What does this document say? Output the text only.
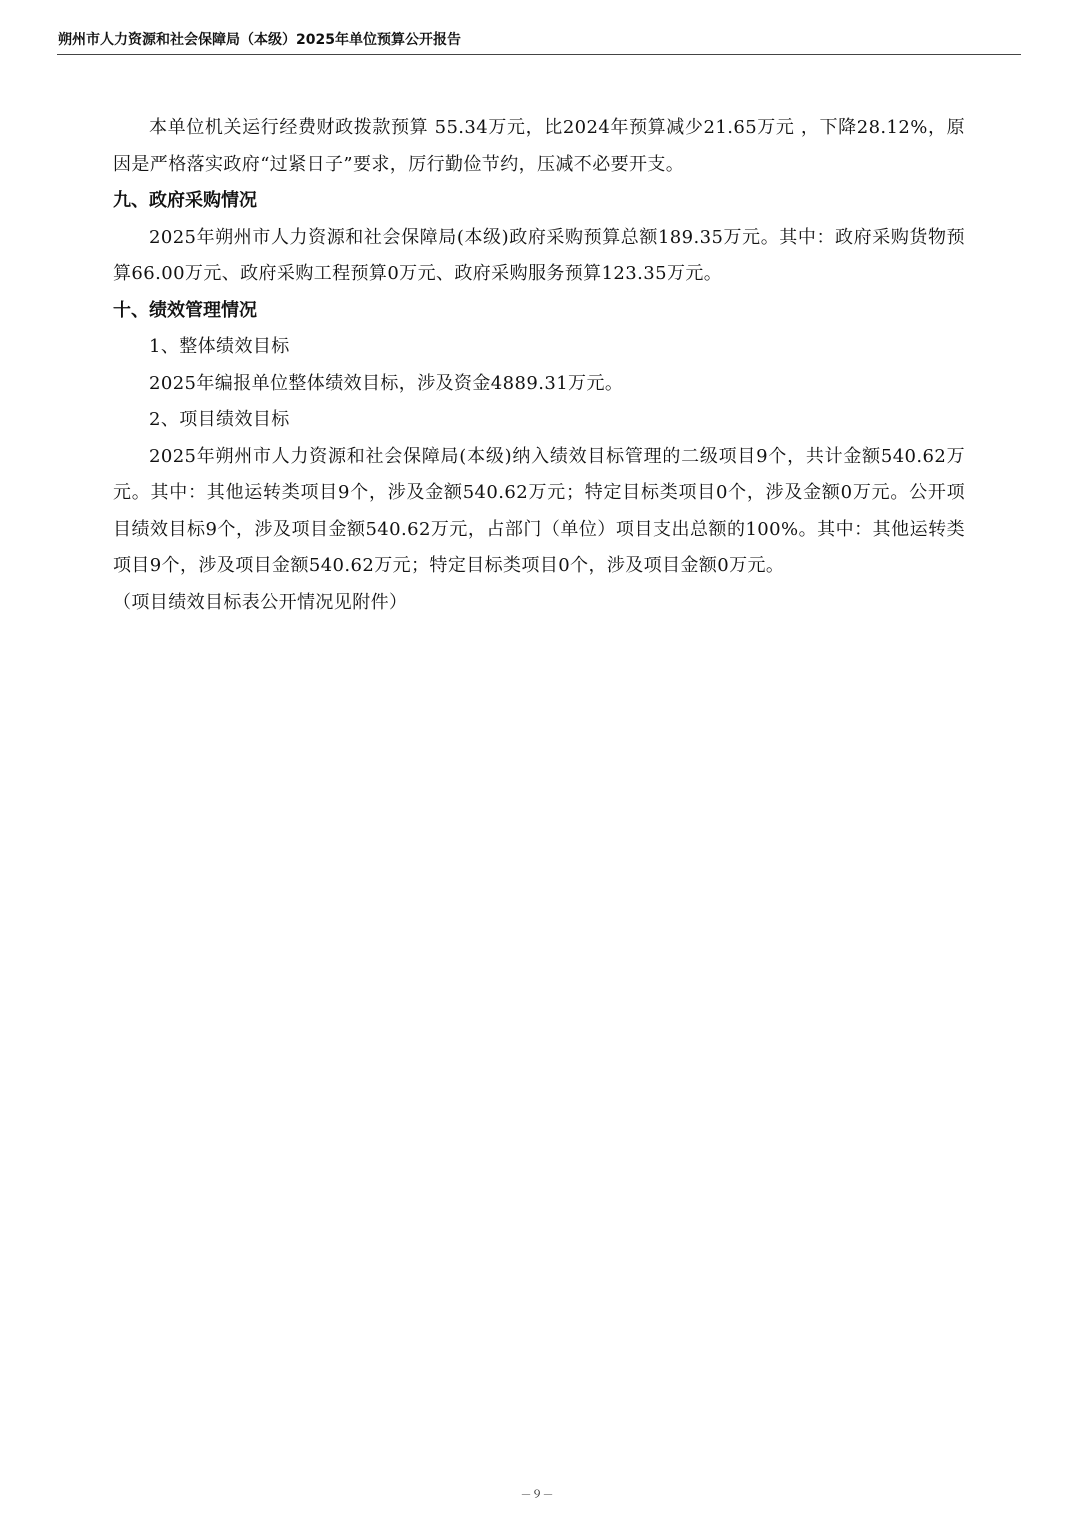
朔州市人力资源和社会保障局（本级）2025年单位预算公开报告

本单位机关运行经费财政拨款预算 55.34万元，比2024年预算减少21.65万元 ，下降28.12%，原因是严格落实政府“过紧日子”要求，厉行勤俭节约，压减不必要开支。

九、政府采购情况

2025年朔州市人力资源和社会保障局(本级)政府采购预算总额189.35万元。其中：政府采购货物预算66.00万元、政府采购工程预算0万元、政府采购服务预算123.35万元。

十、绩效管理情况

1、整体绩效目标

2025年编报单位整体绩效目标，涉及资金4889.31万元。

2、项目绩效目标

2025年朔州市人力资源和社会保障局(本级)纳入绩效目标管理的二级项目9个，共计金额540.62万元。其中：其他运转类项目9个，涉及金额540.62万元；特定目标类项目0个，涉及金额0万元。公开项目绩效目标9个，涉及项目金额540.62万元，占部门（单位）项目支出总额的100%。其中：其他运转类项目9个，涉及项目金额540.62万元；特定目标类项目0个，涉及项目金额0万元。

（项目绩效目标表公开情况见附件）

－９－
